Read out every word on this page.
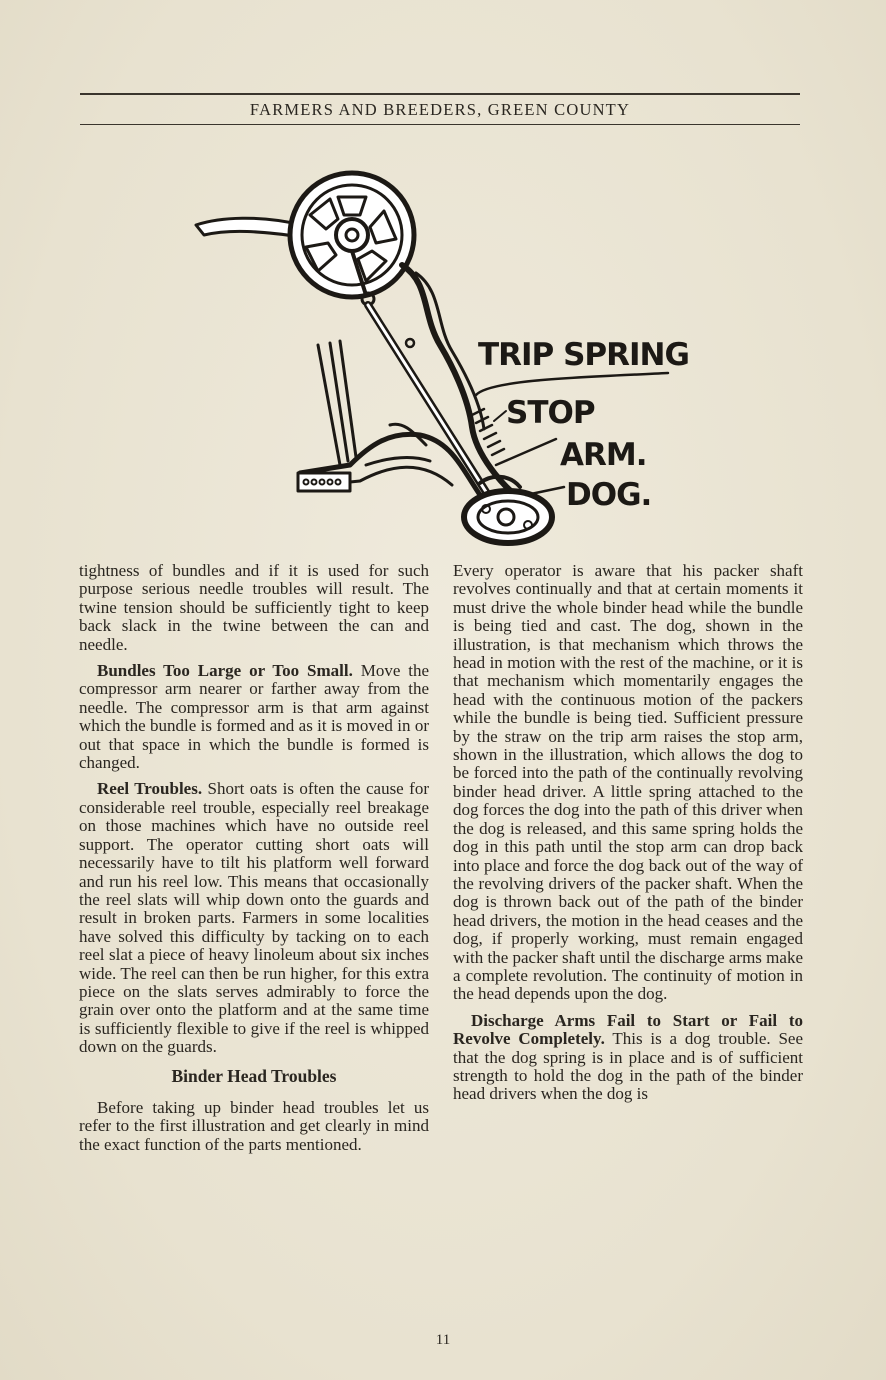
FARMERS AND BREEDERS, GREEN COUNTY
TRIP SPRING
STOP
ARM.
DOG.

tightness of bundles and if it is used for such purpose serious needle troubles will result. The twine tension should be sufficiently tight to keep back slack in the twine between the can and needle.

Bundles Too Large or Too Small. Move the compressor arm nearer or farther away from the needle. The compressor arm is that arm against which the bundle is formed and as it is moved in or out that space in which the bundle is formed is changed.

Reel Troubles. Short oats is often the cause for considerable reel trouble, especially reel breakage on those machines which have no outside reel support. The operator cutting short oats will necessarily have to tilt his platform well forward and run his reel low. This means that occasionally the reel slats will whip down onto the guards and result in broken parts. Farmers in some localities have solved this difficulty by tacking on to each reel slat a piece of heavy linoleum about six inches wide. The reel can then be run higher, for this extra piece on the slats serves admirably to force the grain over onto the platform and at the same time is sufficiently flexible to give if the reel is whipped down on the guards.

Binder Head Troubles

Before taking up binder head troubles let us refer to the first illustration and get clearly in mind the exact function of the parts mentioned.

Every operator is aware that his packer shaft revolves continually and that at certain moments it must drive the whole binder head while the bundle is being tied and cast. The dog, shown in the illustration, is that mechanism which throws the head in motion with the rest of the machine, or it is that mechanism which momentarily engages the head with the continuous motion of the packers while the bundle is being tied. Sufficient pressure by the straw on the trip arm raises the stop arm, shown in the illustration, which allows the dog to be forced into the path of the continually revolving binder head driver. A little spring attached to the dog forces the dog into the path of this driver when the dog is released, and this same spring holds the dog in this path until the stop arm can drop back into place and force the dog back out of the way of the revolving drivers of the packer shaft. When the dog is thrown back out of the path of the binder head drivers, the motion in the head ceases and the dog, if properly working, must remain engaged with the packer shaft until the discharge arms make a complete revolution. The continuity of motion in the head depends upon the dog.

Discharge Arms Fail to Start or Fail to Revolve Completely. This is a dog trouble. See that the dog spring is in place and is of sufficient strength to hold the dog in the path of the binder head drivers when the dog is

11
